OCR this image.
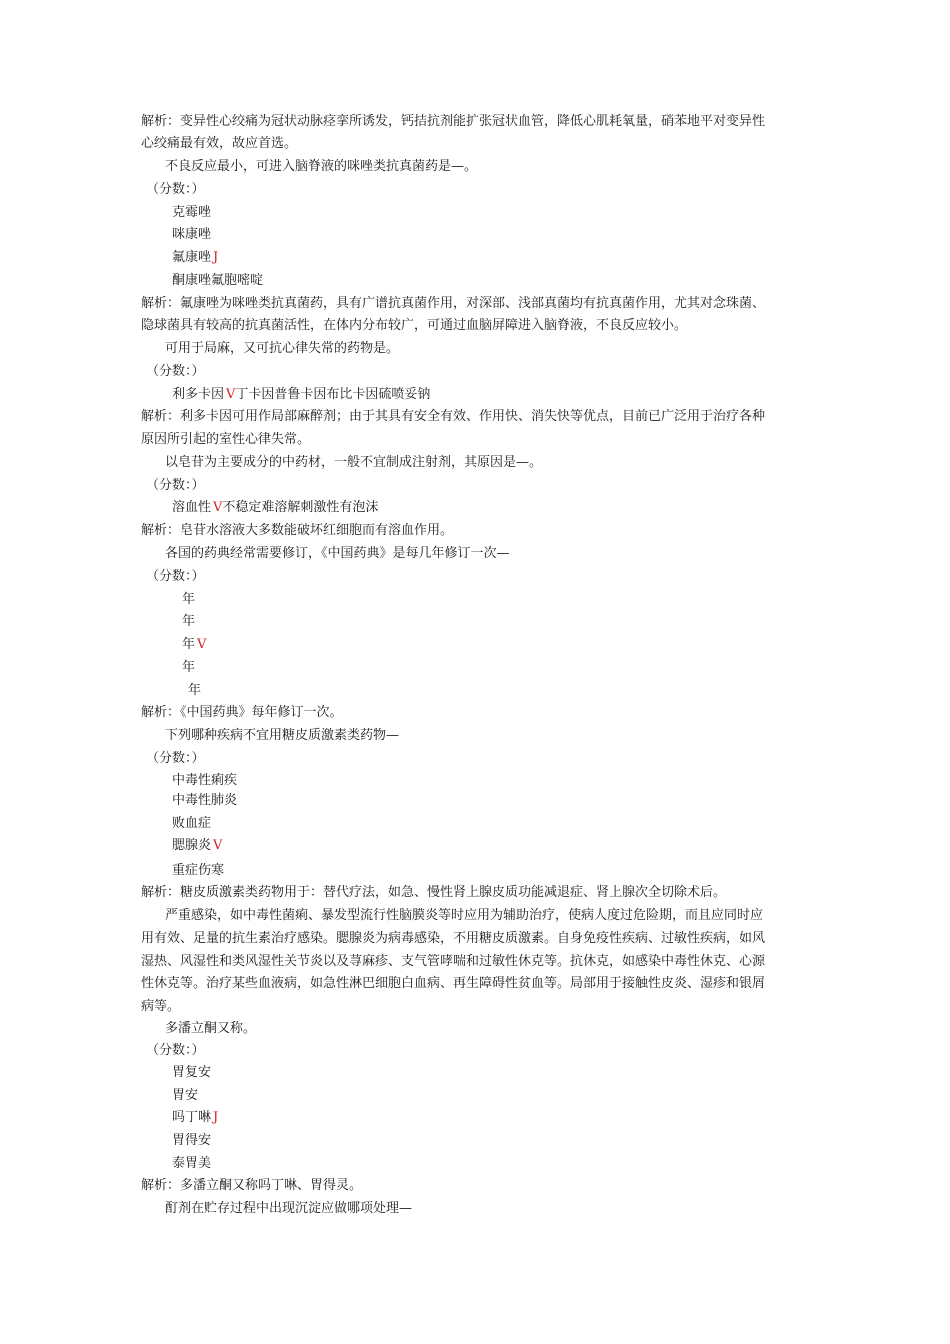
解析：变异性心绞痛为冠状动脉痉挛所诱发，钙拮抗剂能扩张冠状血管，降低心肌耗氧量，硝苯地平对变异性
心绞痛最有效，故应首选。
不良反应最小，可进入脑脊液的咪唑类抗真菌药是—。
（分数：）
克霉唑
咪康唑
氟康唑 J
酮康唑氟胞嘧啶
解析：氟康唑为咪唑类抗真菌药，具有广谱抗真菌作用，对深部、浅部真菌均有抗真菌作用，尤其对念珠菌、
隐球菌具有较高的抗真菌活性，在体内分布较广，可通过血脑屏障进入脑脊液，不良反应较小。
可用于局麻，又可抗心律失常的药物是。
（分数：）
利多卡因 V丁卡因普鲁卡因布比卡因硫喷妥钠
解析：利多卡因可用作局部麻醉剂；由于其具有安全有效、作用快、消失快等优点，目前已广泛用于治疗各种
原因所引起的室性心律失常。
以皂苷为主要成分的中药材，一般不宜制成注射剂，其原因是—。
（分数：）
溶血性 V不稳定难溶解刺激性有泡沫
解析：皂苷水溶液大多数能破坏红细胞而有溶血作用。
各国的药典经常需要修订，《中国药典》是每几年修订一次—
（分数：）
年
年
年 V
年
年
解析：《中国药典》每年修订一次。
下列哪种疾病不宜用糖皮质激素类药物—
（分数：）
中毒性痢疾
中毒性肺炎
败血症
腮腺炎 V
重症伤寒
解析：糖皮质激素类药物用于：替代疗法，如急、慢性肾上腺皮质功能减退症、肾上腺次全切除术后。
严重感染，如中毒性菌痢、暴发型流行性脑膜炎等时应用为辅助治疗，使病人度过危险期，而且应同时应
用有效、足量的抗生素治疗感染。腮腺炎为病毒感染，不用糖皮质激素。自身免疫性疾病、过敏性疾病，如风
湿热、风湿性和类风湿性关节炎以及荨麻疹、支气管哮喘和过敏性休克等。抗休克，如感染中毒性休克、心源
性休克等。治疗某些血液病，如急性淋巴细胞白血病、再生障碍性贫血等。局部用于接触性皮炎、湿疹和银屑
病等。
多潘立酮又称。
（分数：）
胃复安
胃安
吗丁啉 J
胃得安
泰胃美
解析：多潘立酮又称吗丁啉、胃得灵。
酊剂在贮存过程中出现沉淀应做哪项处理—
